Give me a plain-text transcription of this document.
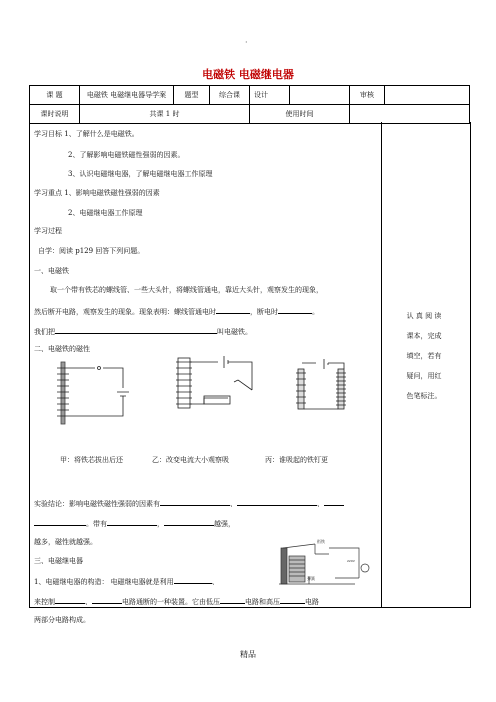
·
电磁铁 电磁继电器
课 题	电磁铁 电磁继电器导学案	题型	综合课	设计		审核	
课时说明	共课 1 时			使用时间			
学习目标 1、了解什么是电磁铁。
2、了解影响电磁铁磁性强弱的因素。
3、认识电磁继电器，了解电磁继电器工作原理
学习重点 1、影响电磁铁磁性强弱的因素
2、电磁继电器工作原理
学习过程
自学：阅读 p129 回答下列问题。
一、电磁铁
取一个带有铁芯的螺线管、一些大头针，将螺线管通电，靠近大头针，观察发生的现象，
然后断开电路，观察发生的现象。现象表明：螺线管通电时	，断电时	。
我们把	叫电磁铁。
二、电磁铁的磁性
实验结论：影响电磁铁磁性强弱的因素有	、	、
。带有	，	越强，
越多，磁性就越强。
三、电磁继电器
1、电磁继电器的构造： 电磁继电器就是利用	、
来控制	、	电路通断的一种装置。它由低压	电路和高压	电路
两部分电路构成。
认 真 阅 读
课本，完成
填空，若有
疑问，用红
色笔标注。
甲：将铁芯拔出后还	乙：改变电流大小观察吸	丙：谁吸起的铁钉更
衔铁
弹簧
220V
精品
